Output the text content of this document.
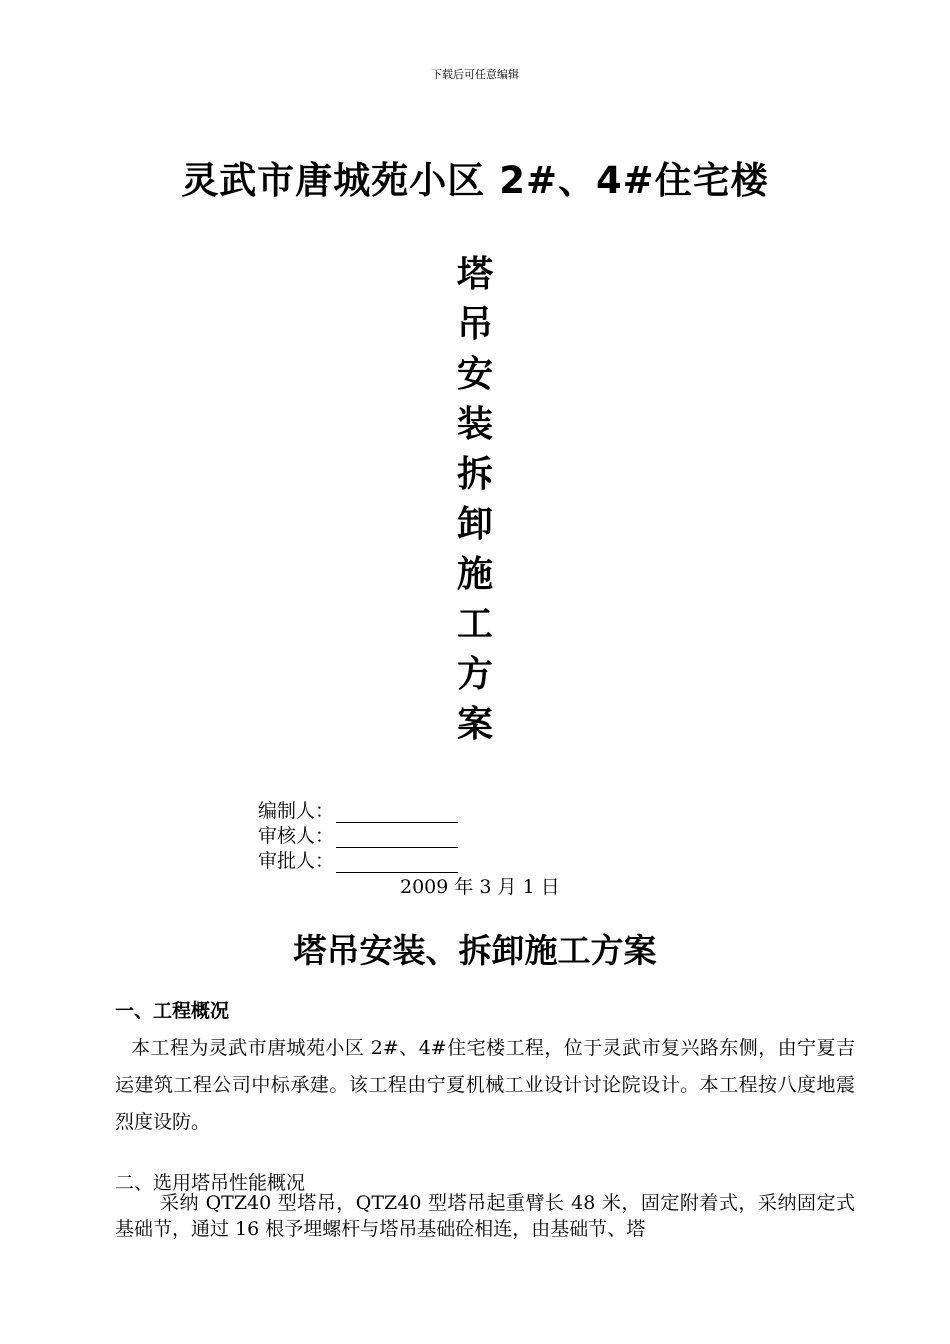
下载后可任意编辑
灵武市唐城苑小区 2#、4#住宅楼
塔
吊
安
装
拆
卸
施
工
方
案
编制人：
审核人：
审批人：
2009 年 3 月 1 日
塔吊安装、拆卸施工方案
一、工程概况
本工程为灵武市唐城苑小区 2#、4#住宅楼工程，位于灵武市复兴路东侧，由宁夏吉运建筑工程公司中标承建。该工程由宁夏机械工业设计讨论院设计。本工程按八度地震烈度设防。
二、选用塔吊性能概况
采纳 QTZ40 型塔吊，QTZ40 型塔吊起重臂长 48 米，固定附着式，采纳固定式基础节，通过 16 根予埋螺杆与塔吊基础砼相连，由基础节、塔
